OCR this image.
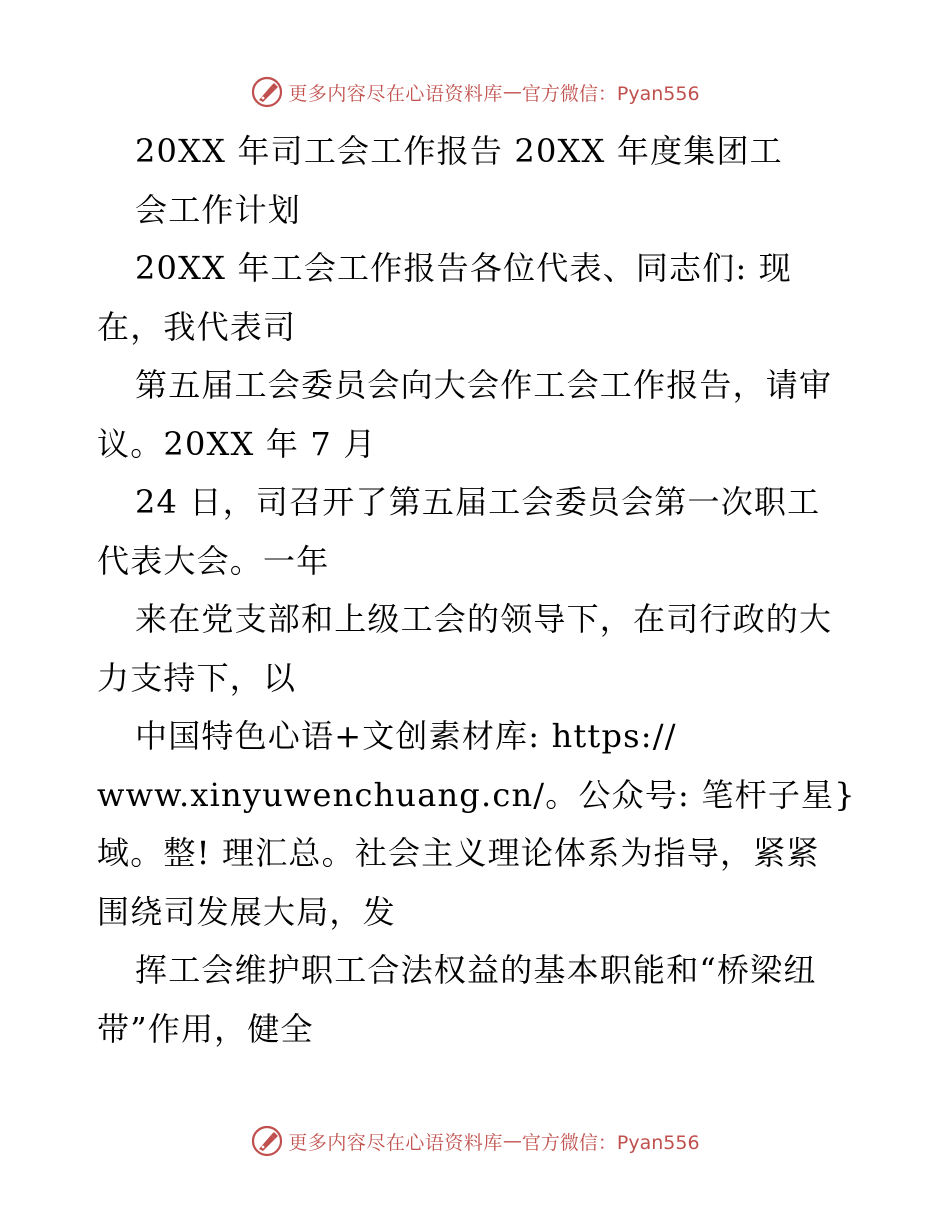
更多内容尽在心语资料库 — 官方微信：Pyan556
20XX 年司工会工作报告 20XX 年度集团工
会工作计划
20XX 年工会工作报告各位代表、同志们: 现
在，我代表司
第五届工会委员会向大会作工会工作报告，请审
议。20XX 年 7 月
24 日，司召开了第五届工会委员会第一次职工
代表大会。一年
来在党支部和上级工会的领导下，在司行政的大
力支持下，以
中国特色心语+文创素材库: https://
www.xinyuwenchuang.cn/。公众号: 笔杆子星}
域。整! 理汇总。社会主义理论体系为指导，紧紧
围绕司发展大局，发
挥工会维护职工合法权益的基本职能和“桥梁纽
带”作用，健全
更多内容尽在心语资料库 — 官方微信：Pyan556
